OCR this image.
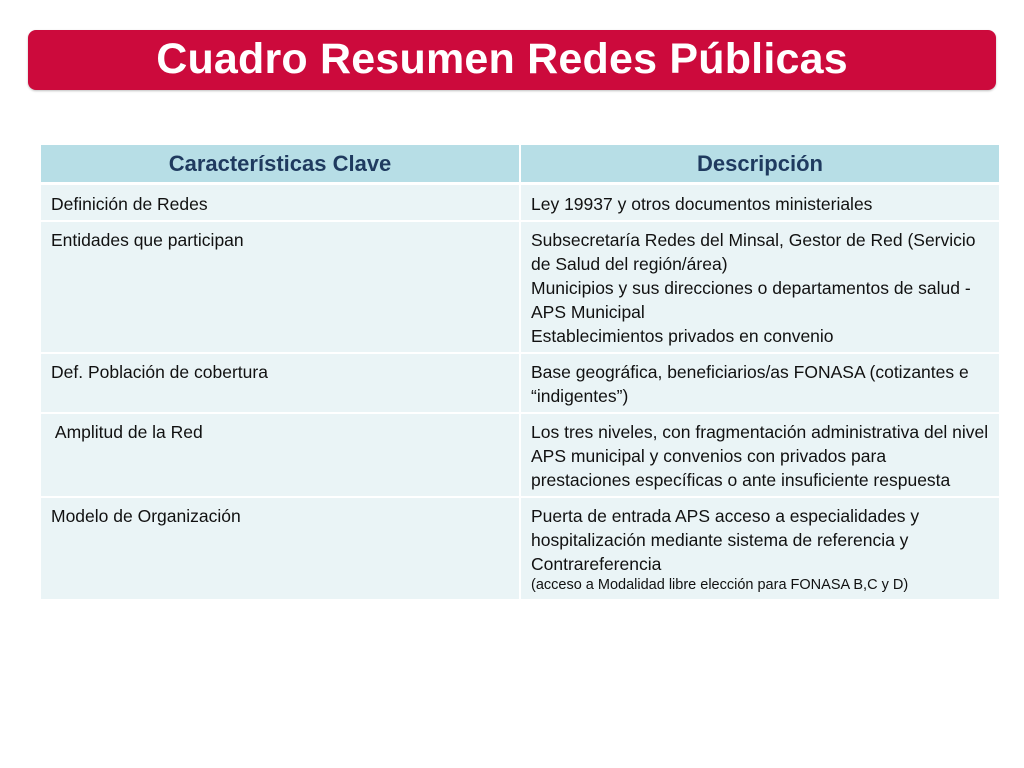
Cuadro Resumen Redes Públicas
Características Clave	Descripción
Definición de Redes	Ley 19937 y otros documentos ministeriales

Entidades que participan	Subsecretaría Redes del Minsal, Gestor de Red (Servicio de Salud del región/área)
Municipios y sus direcciones o departamentos de salud - APS Municipal
Establecimientos privados en convenio

Def. Población de cobertura	Base geográfica, beneficiarios/as FONASA (cotizantes e “indigentes”)

Amplitud de la Red	Los tres niveles, con fragmentación administrativa del nivel APS municipal y convenios con privados para prestaciones específicas o ante insuficiente respuesta

Modelo de Organización	Puerta de entrada APS acceso a especialidades y hospitalización mediante sistema de referencia y Contrareferencia
(acceso a Modalidad libre elección para FONASA B,C y D)
